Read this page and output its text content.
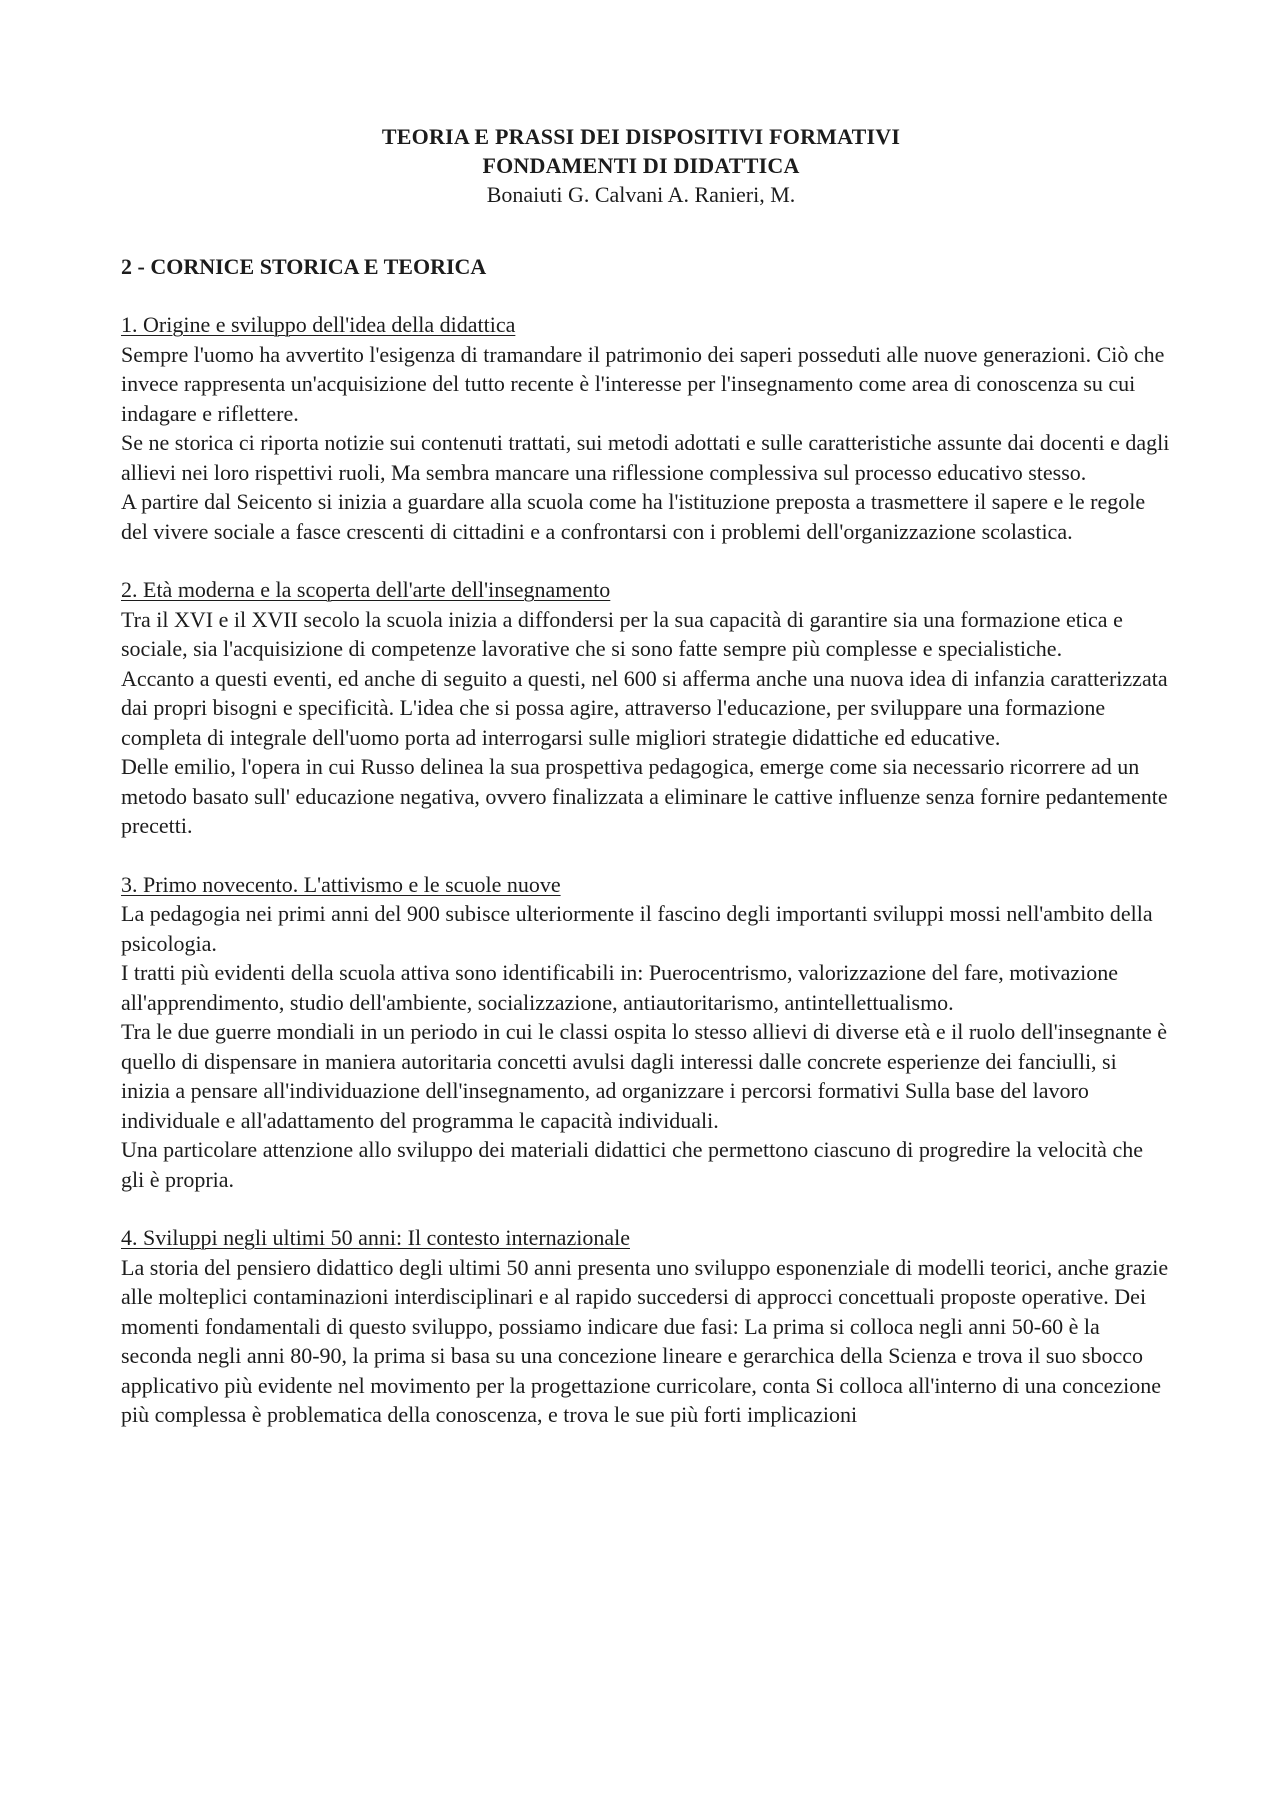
TEORIA E PRASSI DEI DISPOSITIVI FORMATIVI
FONDAMENTI DI DIDATTICA
Bonaiuti G. Calvani A. Ranieri, M.
2 - CORNICE STORICA E TEORICA
1. Origine e sviluppo dell'idea della didattica

Sempre l'uomo ha avvertito l'esigenza di tramandare il patrimonio dei saperi posseduti alle nuove generazioni. Ciò che invece rappresenta un'acquisizione del tutto recente è l'interesse per l'insegnamento come area di conoscenza su cui indagare e riflettere.

Se ne storica ci riporta notizie sui contenuti trattati, sui metodi adottati e sulle caratteristiche assunte dai docenti e dagli allievi nei loro rispettivi ruoli, Ma sembra mancare una riflessione complessiva sul processo educativo stesso.

A partire dal Seicento si inizia a guardare alla scuola come ha l'istituzione preposta a trasmettere il sapere e le regole del vivere sociale a fasce crescenti di cittadini e a confrontarsi con i problemi dell'organizzazione scolastica.

2. Età moderna e la scoperta dell'arte dell'insegnamento

Tra il XVI e il XVII secolo la scuola inizia a diffondersi per la sua capacità di garantire sia una formazione etica e sociale, sia l'acquisizione di competenze lavorative che si sono fatte sempre più complesse e specialistiche.

Accanto a questi eventi, ed anche di seguito a questi, nel 600 si afferma anche una nuova idea di infanzia caratterizzata dai propri bisogni e specificità. L'idea che si possa agire, attraverso l'educazione, per sviluppare una formazione completa di integrale dell'uomo porta ad interrogarsi sulle migliori strategie didattiche ed educative.

Delle emilio, l'opera in cui Russo delinea la sua prospettiva pedagogica, emerge come sia necessario ricorrere ad un metodo basato sull' educazione negativa, ovvero finalizzata a eliminare le cattive influenze senza fornire pedantemente precetti.

3. Primo novecento. L'attivismo e le scuole nuove

La pedagogia nei primi anni del 900 subisce ulteriormente il fascino degli importanti sviluppi mossi nell'ambito della psicologia.

I tratti più evidenti della scuola attiva sono identificabili in: Puerocentrismo, valorizzazione del fare, motivazione all'apprendimento, studio dell'ambiente, socializzazione, antiautoritarismo, antintellettualismo.

Tra le due guerre mondiali in un periodo in cui le classi ospita lo stesso allievi di diverse età e il ruolo dell'insegnante è quello di dispensare in maniera autoritaria concetti avulsi dagli interessi dalle concrete esperienze dei fanciulli, si inizia a pensare all'individuazione dell'insegnamento, ad organizzare i percorsi formativi Sulla base del lavoro individuale e all'adattamento del programma le capacità individuali.

Una particolare attenzione allo sviluppo dei materiali didattici che permettono ciascuno di progredire la velocità che gli è propria.

4. Sviluppi negli ultimi 50 anni: Il contesto internazionale

La storia del pensiero didattico degli ultimi 50 anni presenta uno sviluppo esponenziale di modelli teorici, anche grazie alle molteplici contaminazioni interdisciplinari e al rapido succedersi di approcci concettuali proposte operative. Dei momenti fondamentali di questo sviluppo, possiamo indicare due fasi: La prima si colloca negli anni 50-60 è la seconda negli anni 80-90, la prima si basa su una concezione lineare e gerarchica della Scienza e trova il suo sbocco applicativo più evidente nel movimento per la progettazione curricolare, conta Si colloca all'interno di una concezione più complessa è problematica della conoscenza, e trova le sue più forti implicazioni
